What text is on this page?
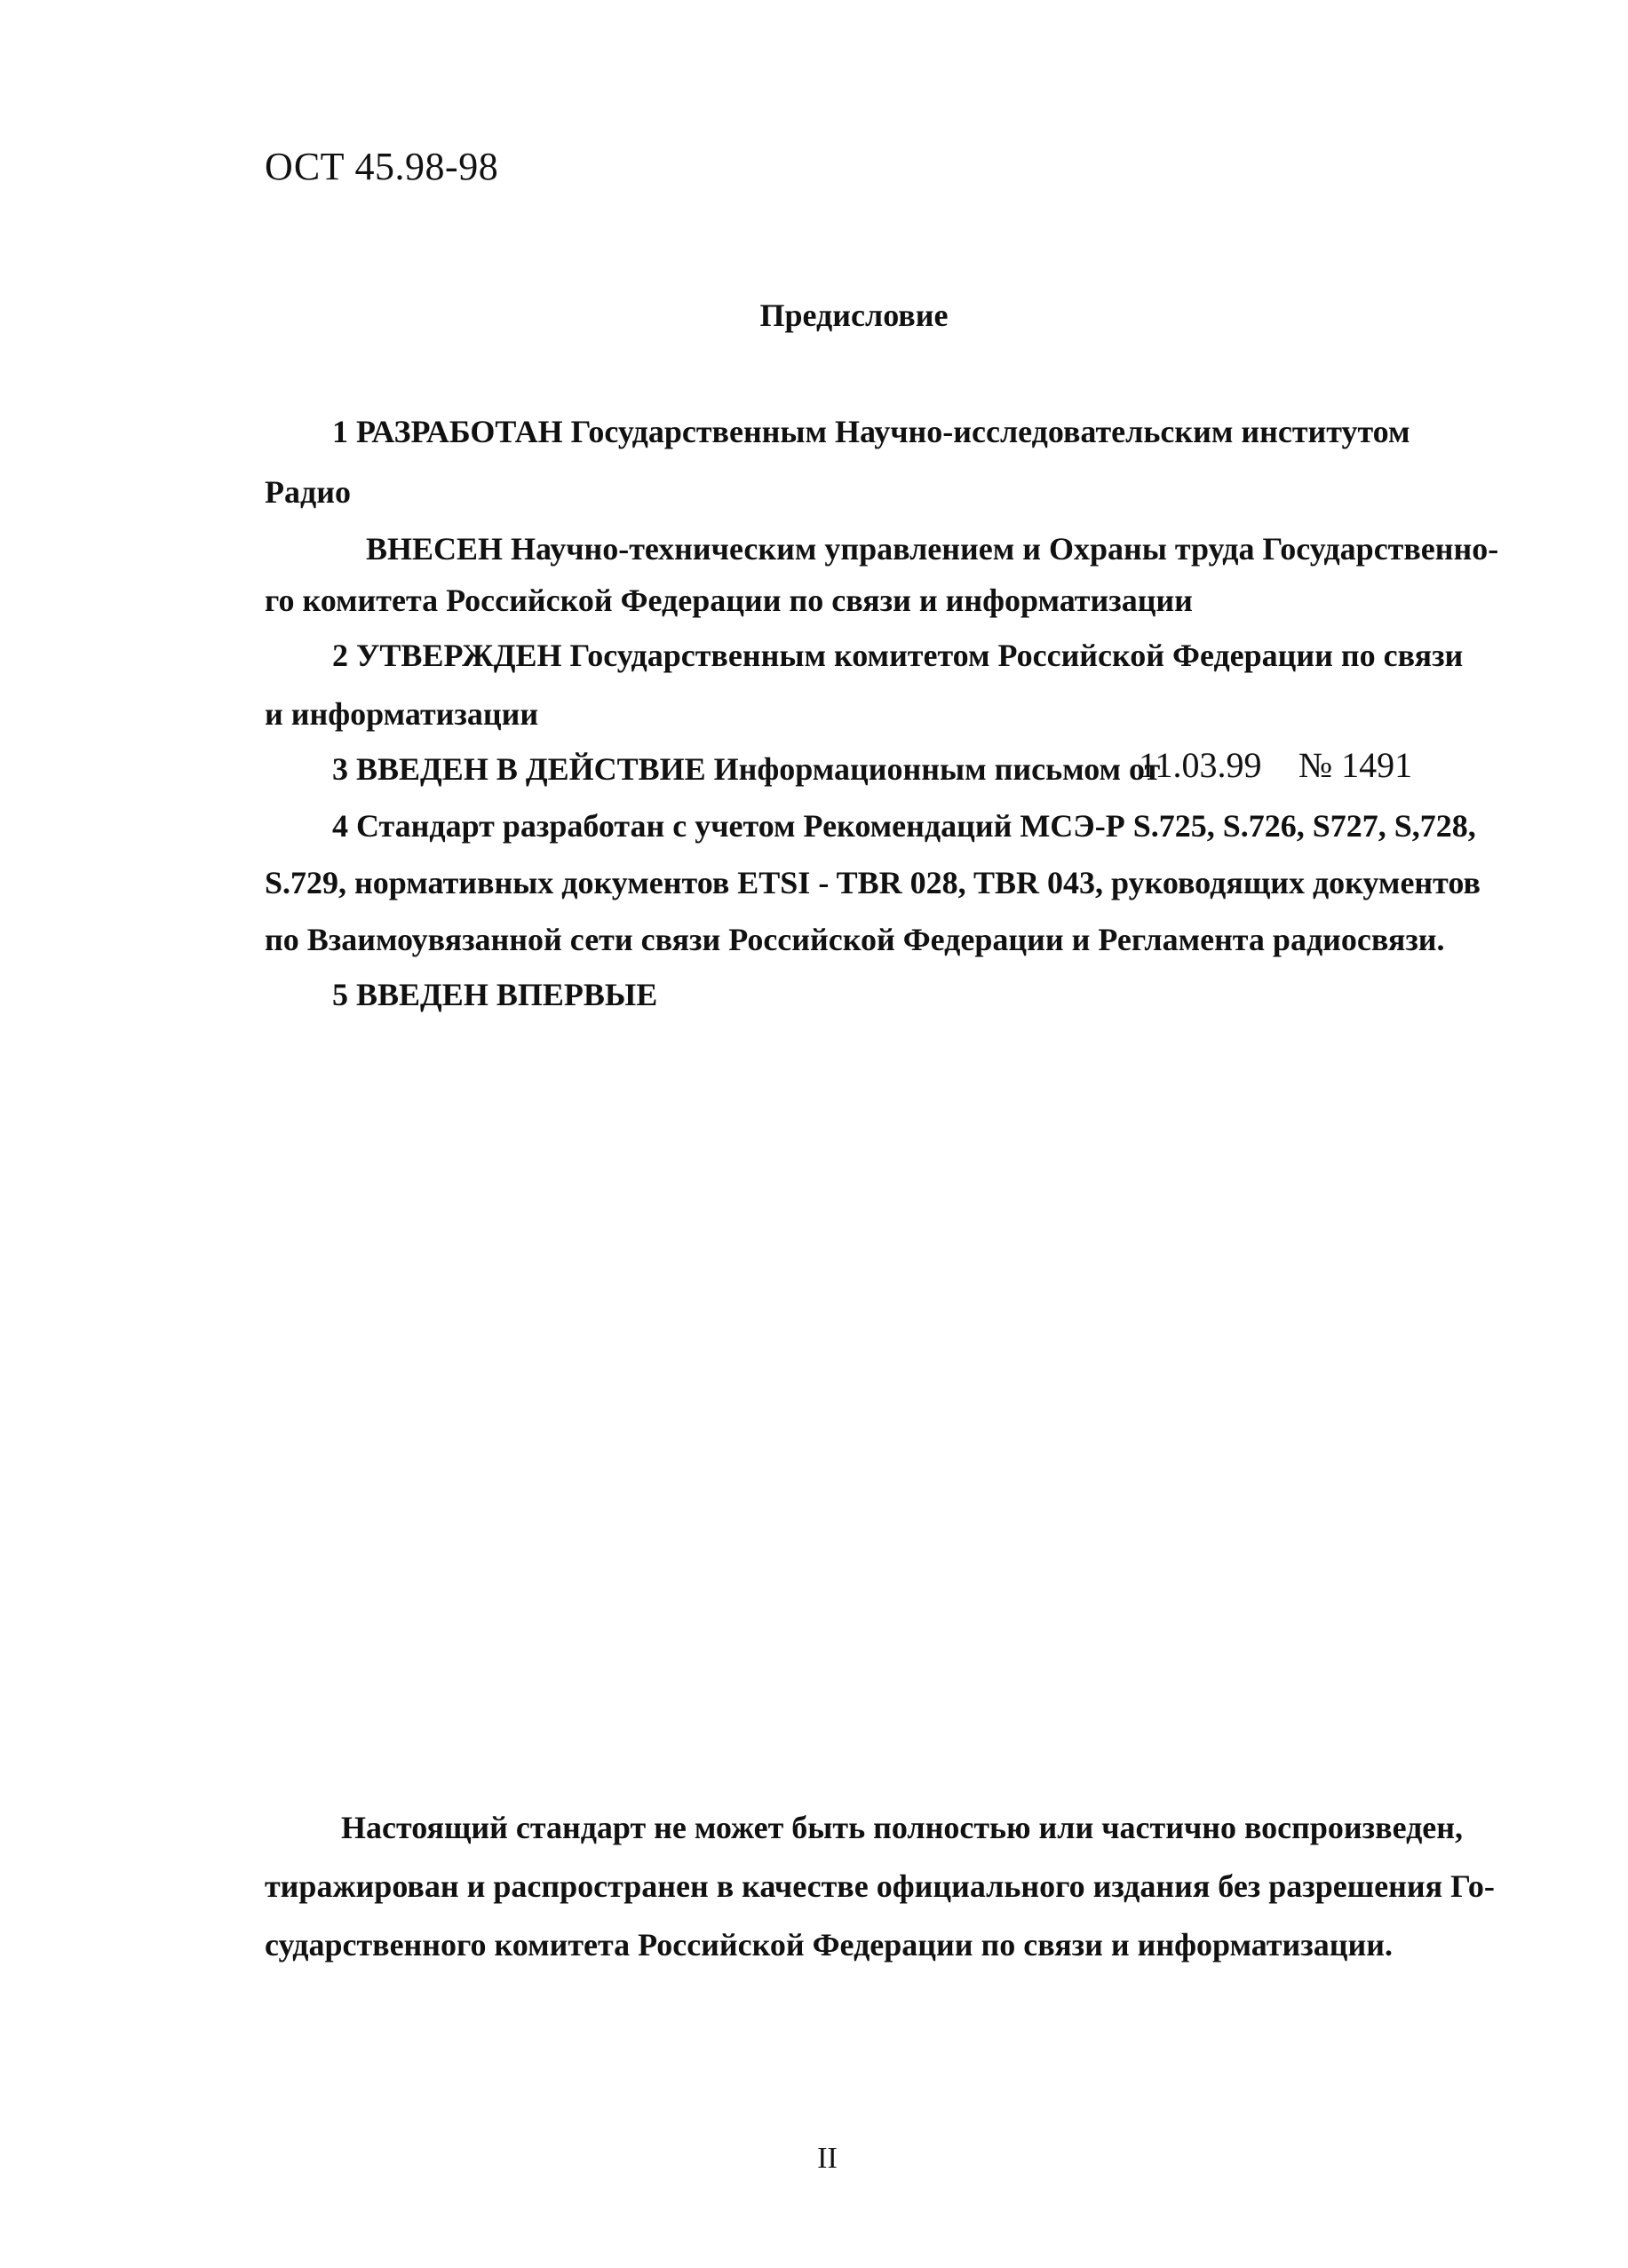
ОСТ 45.98-98
Предисловие
1 РАЗРАБОТАН Государственным Научно-исследовательским институтом
Радио
ВНЕСЕН Научно-техническим управлением и Охраны труда Государственно-
го комитета Российской Федерации по связи и информатизации
2 УТВЕРЖДЕН Государственным комитетом Российской Федерации по связи
и информатизации
3 ВВЕДЕН В ДЕЙСТВИЕ Информационным письмом от
11.03.99 № 1491
4 Стандарт разработан с учетом Рекомендаций МСЭ-Р S.725, S.726, S727, S,728,
S.729, нормативных документов ETSI - TBR 028, TBR 043, руководящих документов
по Взаимоувязанной сети связи Российской Федерации и Регламента радиосвязи.
5 ВВЕДЕН ВПЕРВЫЕ
Настоящий стандарт не может быть полностью или частично воспроизведен,
тиражирован и распространен в качестве официального издания без разрешения Го-
сударственного комитета Российской Федерации по связи и информатизации.
II
